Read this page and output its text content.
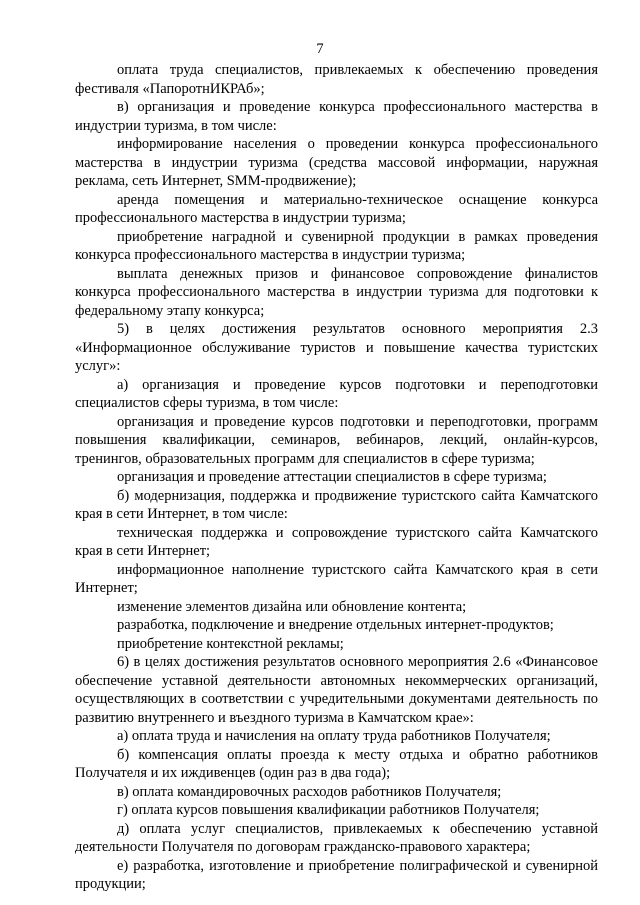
7

оплата труда специалистов, привлекаемых к обеспечению проведения фестиваля «ПапоротнИКРАб»;

в) организация и проведение конкурса профессионального мастерства в индустрии туризма, в том числе:

информирование населения о проведении конкурса профессионального мастерства в индустрии туризма (средства массовой информации, наружная реклама, сеть Интернет, SMM-продвижение);

аренда помещения и материально-техническое оснащение конкурса профессионального мастерства в индустрии туризма;

приобретение наградной и сувенирной продукции в рамках проведения конкурса профессионального мастерства в индустрии туризма;

выплата денежных призов и финансовое сопровождение финалистов конкурса профессионального мастерства в индустрии туризма для подготовки к федеральному этапу конкурса;

5) в целях достижения результатов основного мероприятия 2.3 «Информационное обслуживание туристов и повышение качества туристских услуг»:

а) организация и проведение курсов подготовки и переподготовки специалистов сферы туризма, в том числе:

организация и проведение курсов подготовки и переподготовки, программ повышения квалификации, семинаров, вебинаров, лекций, онлайн-курсов, тренингов, образовательных программ для специалистов в сфере туризма;

организация и проведение аттестации специалистов в сфере туризма;

б) модернизация, поддержка и продвижение туристского сайта Камчатского края в сети Интернет, в том числе:

техническая поддержка и сопровождение туристского сайта Камчатского края в сети Интернет;

информационное наполнение туристского сайта Камчатского края в сети Интернет;

изменение элементов дизайна или обновление контента;

разработка, подключение и внедрение отдельных интернет-продуктов;

приобретение контекстной рекламы;

6) в целях достижения результатов основного мероприятия 2.6 «Финансовое обеспечение уставной деятельности автономных некоммерческих организаций, осуществляющих в соответствии с учредительными документами деятельность по развитию внутреннего и въездного туризма в Камчатском крае»:

а) оплата труда и начисления на оплату труда работников Получателя;

б) компенсация оплаты проезда к месту отдыха и обратно работников Получателя и их иждивенцев (один раз в два года);

в) оплата командировочных расходов работников Получателя;

г) оплата курсов повышения квалификации работников Получателя;

д) оплата услуг специалистов, привлекаемых к обеспечению уставной деятельности Получателя по договорам гражданско-правового характера;

е) разработка, изготовление и приобретение полиграфической и сувенирной продукции;
